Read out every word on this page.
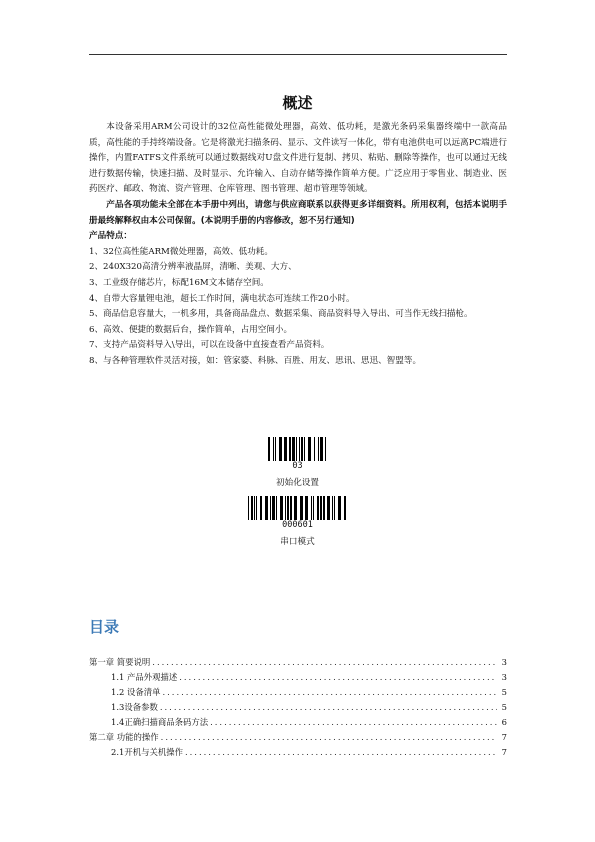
概述

本设备采用ARM公司设计的32位高性能微处理器，高效、低功耗，是激光条码采集器终端中一款高品质，高性能的手持终端设备。它是将激光扫描条码、显示、文件读写一体化，带有电池供电可以远离PC端进行操作，内置FATFS文件系统可以通过数据线对U盘文件进行复制、拷贝、粘贴、删除等操作，也可以通过无线进行数据传输，快速扫描、及时显示、允许输入、自动存储等操作简单方便。广泛应用于零售业、制造业、医药医疗、邮政、物流、资产管理、仓库管理、图书管理、超市管理等领域。

产品各项功能未全部在本手册中列出，请您与供应商联系以获得更多详细资料。所用权利，包括本说明手册最终解释权由本公司保留。(本说明手册的内容修改，恕不另行通知)

产品特点：

1、32位高性能ARM微处理器，高效、低功耗。

2、240X320高清分辨率液晶屏，清晰、美观、大方、

3、工业级存储芯片，标配16M文本储存空间。

4、自带大容量锂电池，超长工作时间，满电状态可连续工作20小时。

5、商品信息容量大，一机多用，具备商品盘点、数据采集、商品资料导入导出、可当作无线扫描枪。

6、高效、便捷的数据后台，操作简单，占用空间小。

7、支持产品资料导入\导出，可以在设备中直接查看产品资料。

8、与各种管理软件灵活对接，如：管家婆、科脉、百胜、用友、思讯、思迅、智盟等。

03
初始化设置
000601
串口模式
目录
第一章 简要说明 .....	3
1.1 产品外观描述 .....	3
1.2 设备清单 .....	5
1.3设备参数 .....	5
1.4正确扫描商品条码方法 .....	6
第二章 功能的操作 .....	7
2.1开机与关机操作 .....	7
